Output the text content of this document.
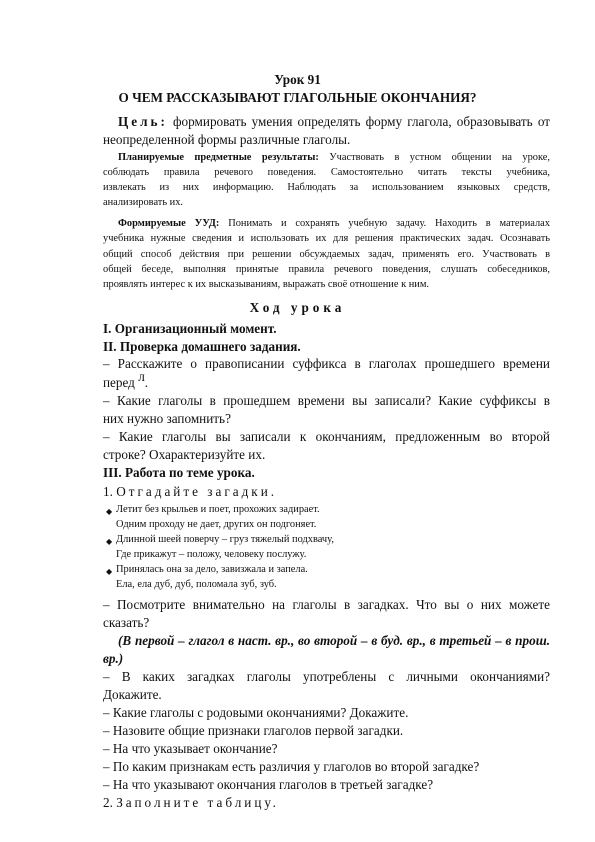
Урок 91
О ЧЕМ РАССКАЗЫВАЮТ ГЛАГОЛЬНЫЕ ОКОНЧАНИЯ?
Цель: формировать умения определять форму глагола, образовывать от
неопределенной формы различные глаголы.
Планируемые предметные результаты: Участвовать в устном общении на уроке,
соблюдать правила речевого поведения. Самостоятельно читать тексты учебника,
извлекать из них информацию. Наблюдать за использованием языковых средств,
анализировать их.
Формируемые УУД: Понимать и сохранять учебную задачу. Находить в материалах
учебника нужные сведения и использовать их для решения практических задач. Осознавать
общий способ действия при решении обсуждаемых задач, применять его. Участвовать в
общей беседе, выполняя принятые правила речевого поведения, слушать собеседников,
проявлять интерес к их высказываниям, выражать своё отношение к ним.
Ход урока
I. Организационный момент.
II. Проверка домашнего задания.
– Расскажите о правописании суффикса в глаголах прошедшего времени
перед л.
– Какие глаголы в прошедшем времени вы записали? Какие суффиксы в
них нужно запомнить?
– Какие глаголы вы записали к окончаниям, предложенным во второй
строке? Охарактеризуйте их.
III. Работа по теме урока.
1. Отгадайте загадки.
◆ Летит без крыльев и поет, прохожих задирает.
Одним проходу не дает, других он подгоняет.
◆ Длинной шеей поверчу – груз тяжелый подхвачу,
Где прикажут – положу, человеку послужу.
◆ Принялась она за дело, завизжала и запела.
Ела, ела дуб, дуб, поломала зуб, зуб.
– Посмотрите внимательно на глаголы в загадках. Что вы о них можете
сказать?
(В первой – глагол в наст. вр., во второй – в буд. вр., в третьей – в прош.
вр.)
– В каких загадках глаголы употреблены с личными окончаниями?
Докажите.
– Какие глаголы с родовыми окончаниями? Докажите.
– Назовите общие признаки глаголов первой загадки.
– На что указывает окончание?
– По каким признакам есть различия у глаголов во второй загадке?
– На что указывают окончания глаголов в третьей загадке?
2. Заполните таблицу.
